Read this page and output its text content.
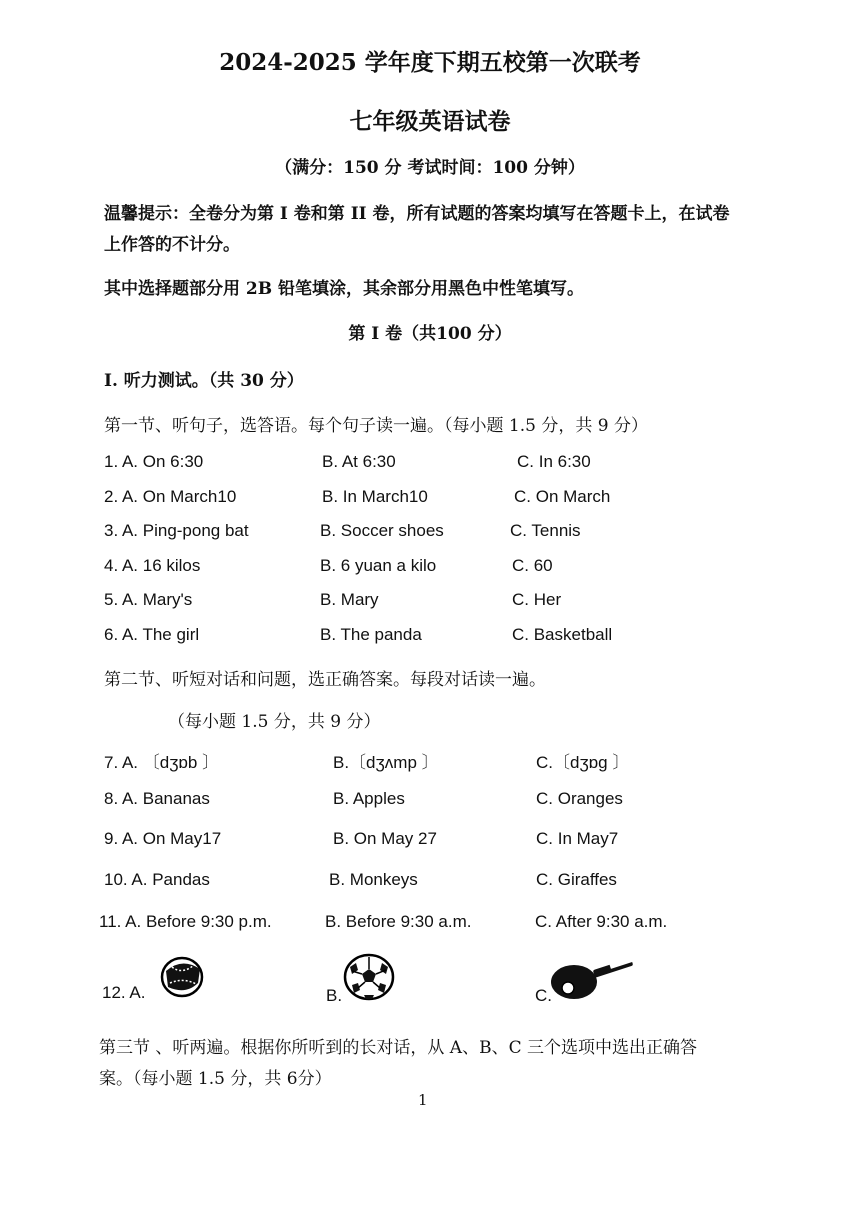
2024-2025 学年度下期五校第一次联考
七年级英语试卷
（满分：150 分 考试时间：100 分钟）
温馨提示：全卷分为第 I 卷和第 II 卷，所有试题的答案均填写在答题卡上，在试卷
上作答的不计分。
其中选择题部分用 2B 铅笔填涂，其余部分用黑色中性笔填写。
第 I 卷（共100 分）
I. 听力测试。（共 30 分）
第一节、听句子，选答语。每个句子读一遍。（每小题 1.5 分，共 9 分）
1. A. On 6:30	B. At 6:30	C. In 6:30
2. A. On March10	B. In March10	C. On March
3. A. Ping-pong bat	B. Soccer shoes	C. Tennis
4. A. 16 kilos	B. 6 yuan a kilo	C. 60
5. A. Mary's	B. Mary	C. Her
6. A. The girl	B. The panda	C. Basketball
第二节、听短对话和问题，选正确答案。每段对话读一遍。
（每小题 1.5 分，共 9 分）
7. A. 〔dʒɒb 〕	B.〔dʒʌmp 〕	C.〔dʒɒg 〕
8. A. Bananas	B. Apples	C. Oranges
9. A. On May17	B. On May 27	C. In May7
10. A. Pandas	B. Monkeys	C. Giraffes
11. A. Before 9:30 p.m.	B. Before 9:30 a.m.	C. After 9:30 a.m.
12. A.	B.	C.
第三节 、听两遍。根据你所听到的长对话，从 A、B、C 三个选项中选出正确答
案。（每小题 1.5 分，共 6分）
1
